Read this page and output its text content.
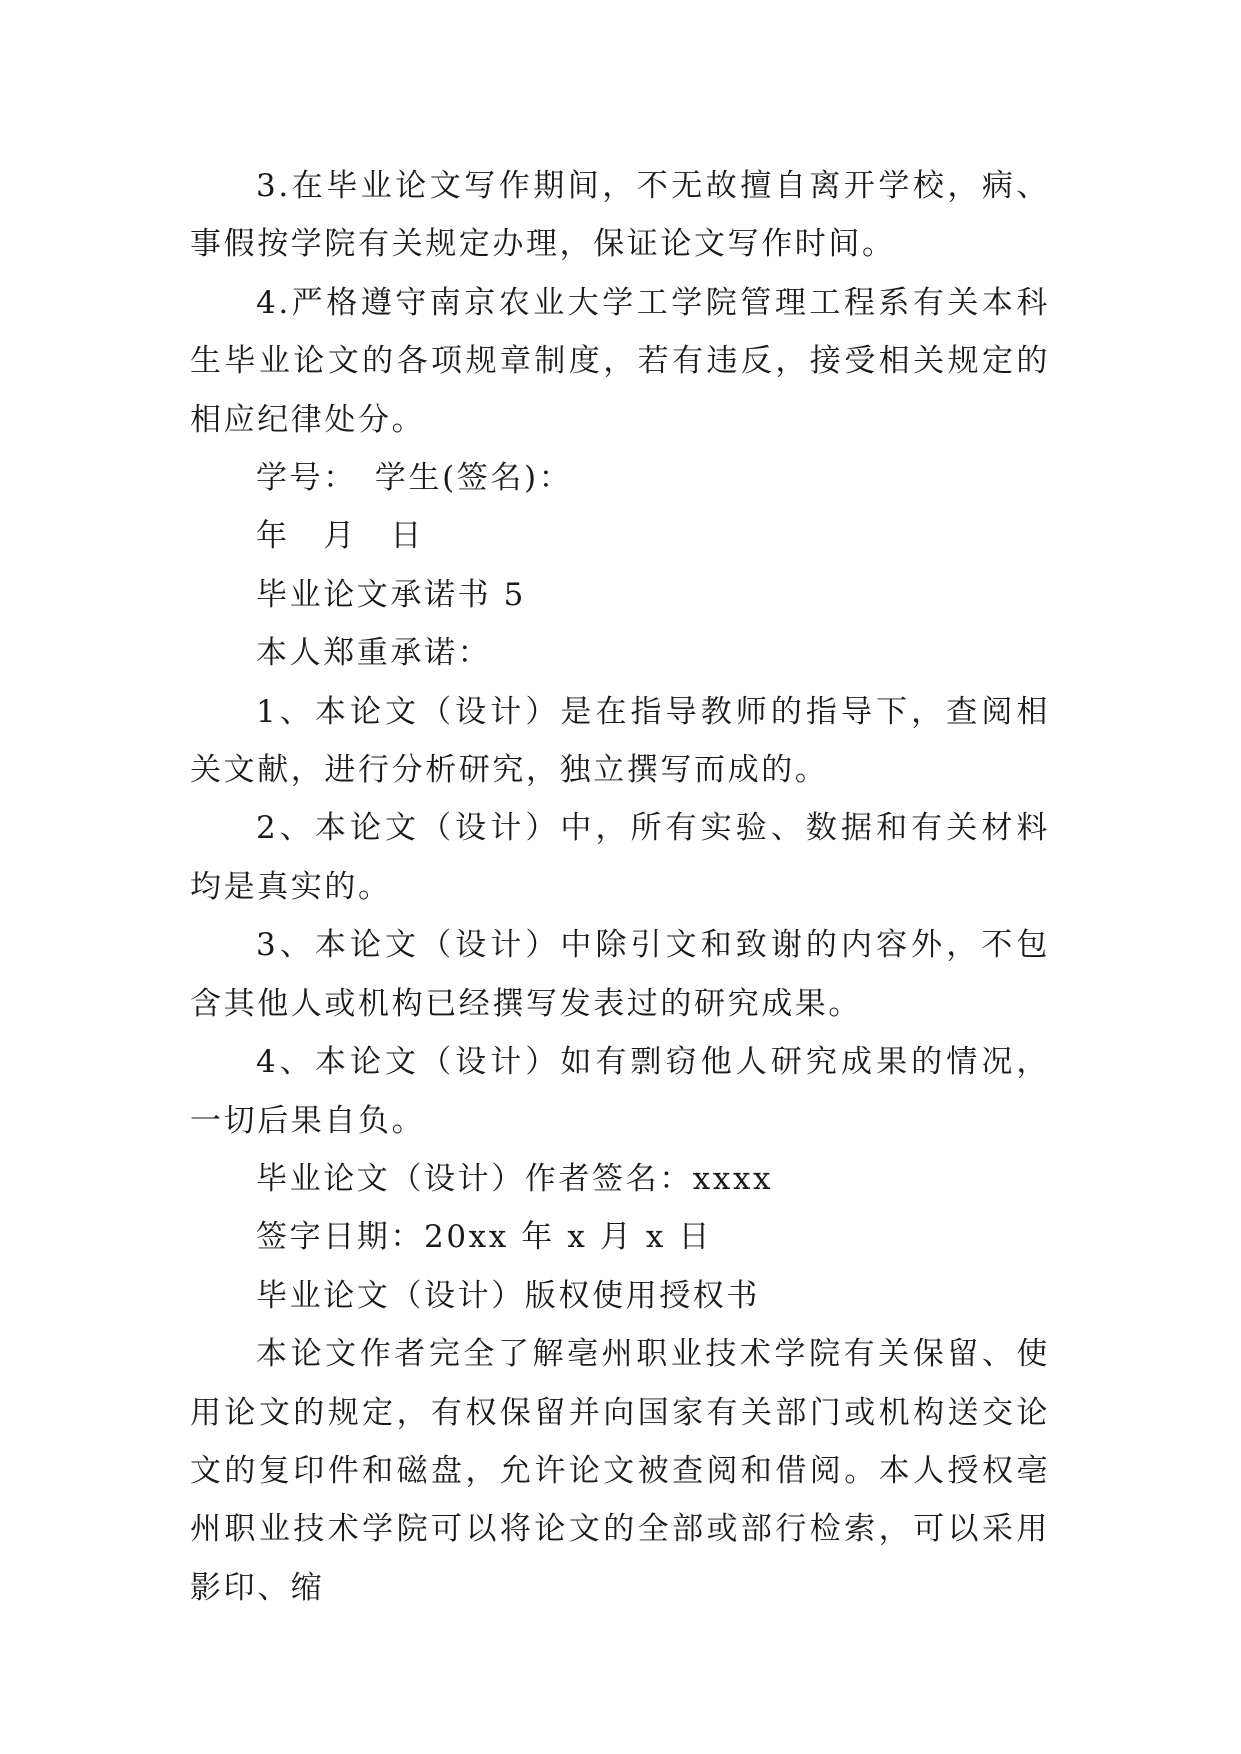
3.在毕业论文写作期间，不无故擅自离开学校，病、事假按学院有关规定办理，保证论文写作时间。

4.严格遵守南京农业大学工学院管理工程系有关本科生毕业论文的各项规章制度，若有违反，接受相关规定的相应纪律处分。

学号：　学生(签名)：

年　月　日

毕业论文承诺书 5

本人郑重承诺：

1、本论文（设计）是在指导教师的指导下，查阅相关文献，进行分析研究，独立撰写而成的。

2、本论文（设计）中，所有实验、数据和有关材料均是真实的。

3、本论文（设计）中除引文和致谢的内容外，不包含其他人或机构已经撰写发表过的研究成果。

4、本论文（设计）如有剽窃他人研究成果的情况，一切后果自负。

毕业论文（设计）作者签名：xxxx

签字日期：20xx 年 x 月 x 日

毕业论文（设计）版权使用授权书

本论文作者完全了解亳州职业技术学院有关保留、使用论文的规定，有权保留并向国家有关部门或机构送交论文的复印件和磁盘，允许论文被查阅和借阅。本人授权亳州职业技术学院可以将论文的全部或部行检索，可以采用影印、缩
